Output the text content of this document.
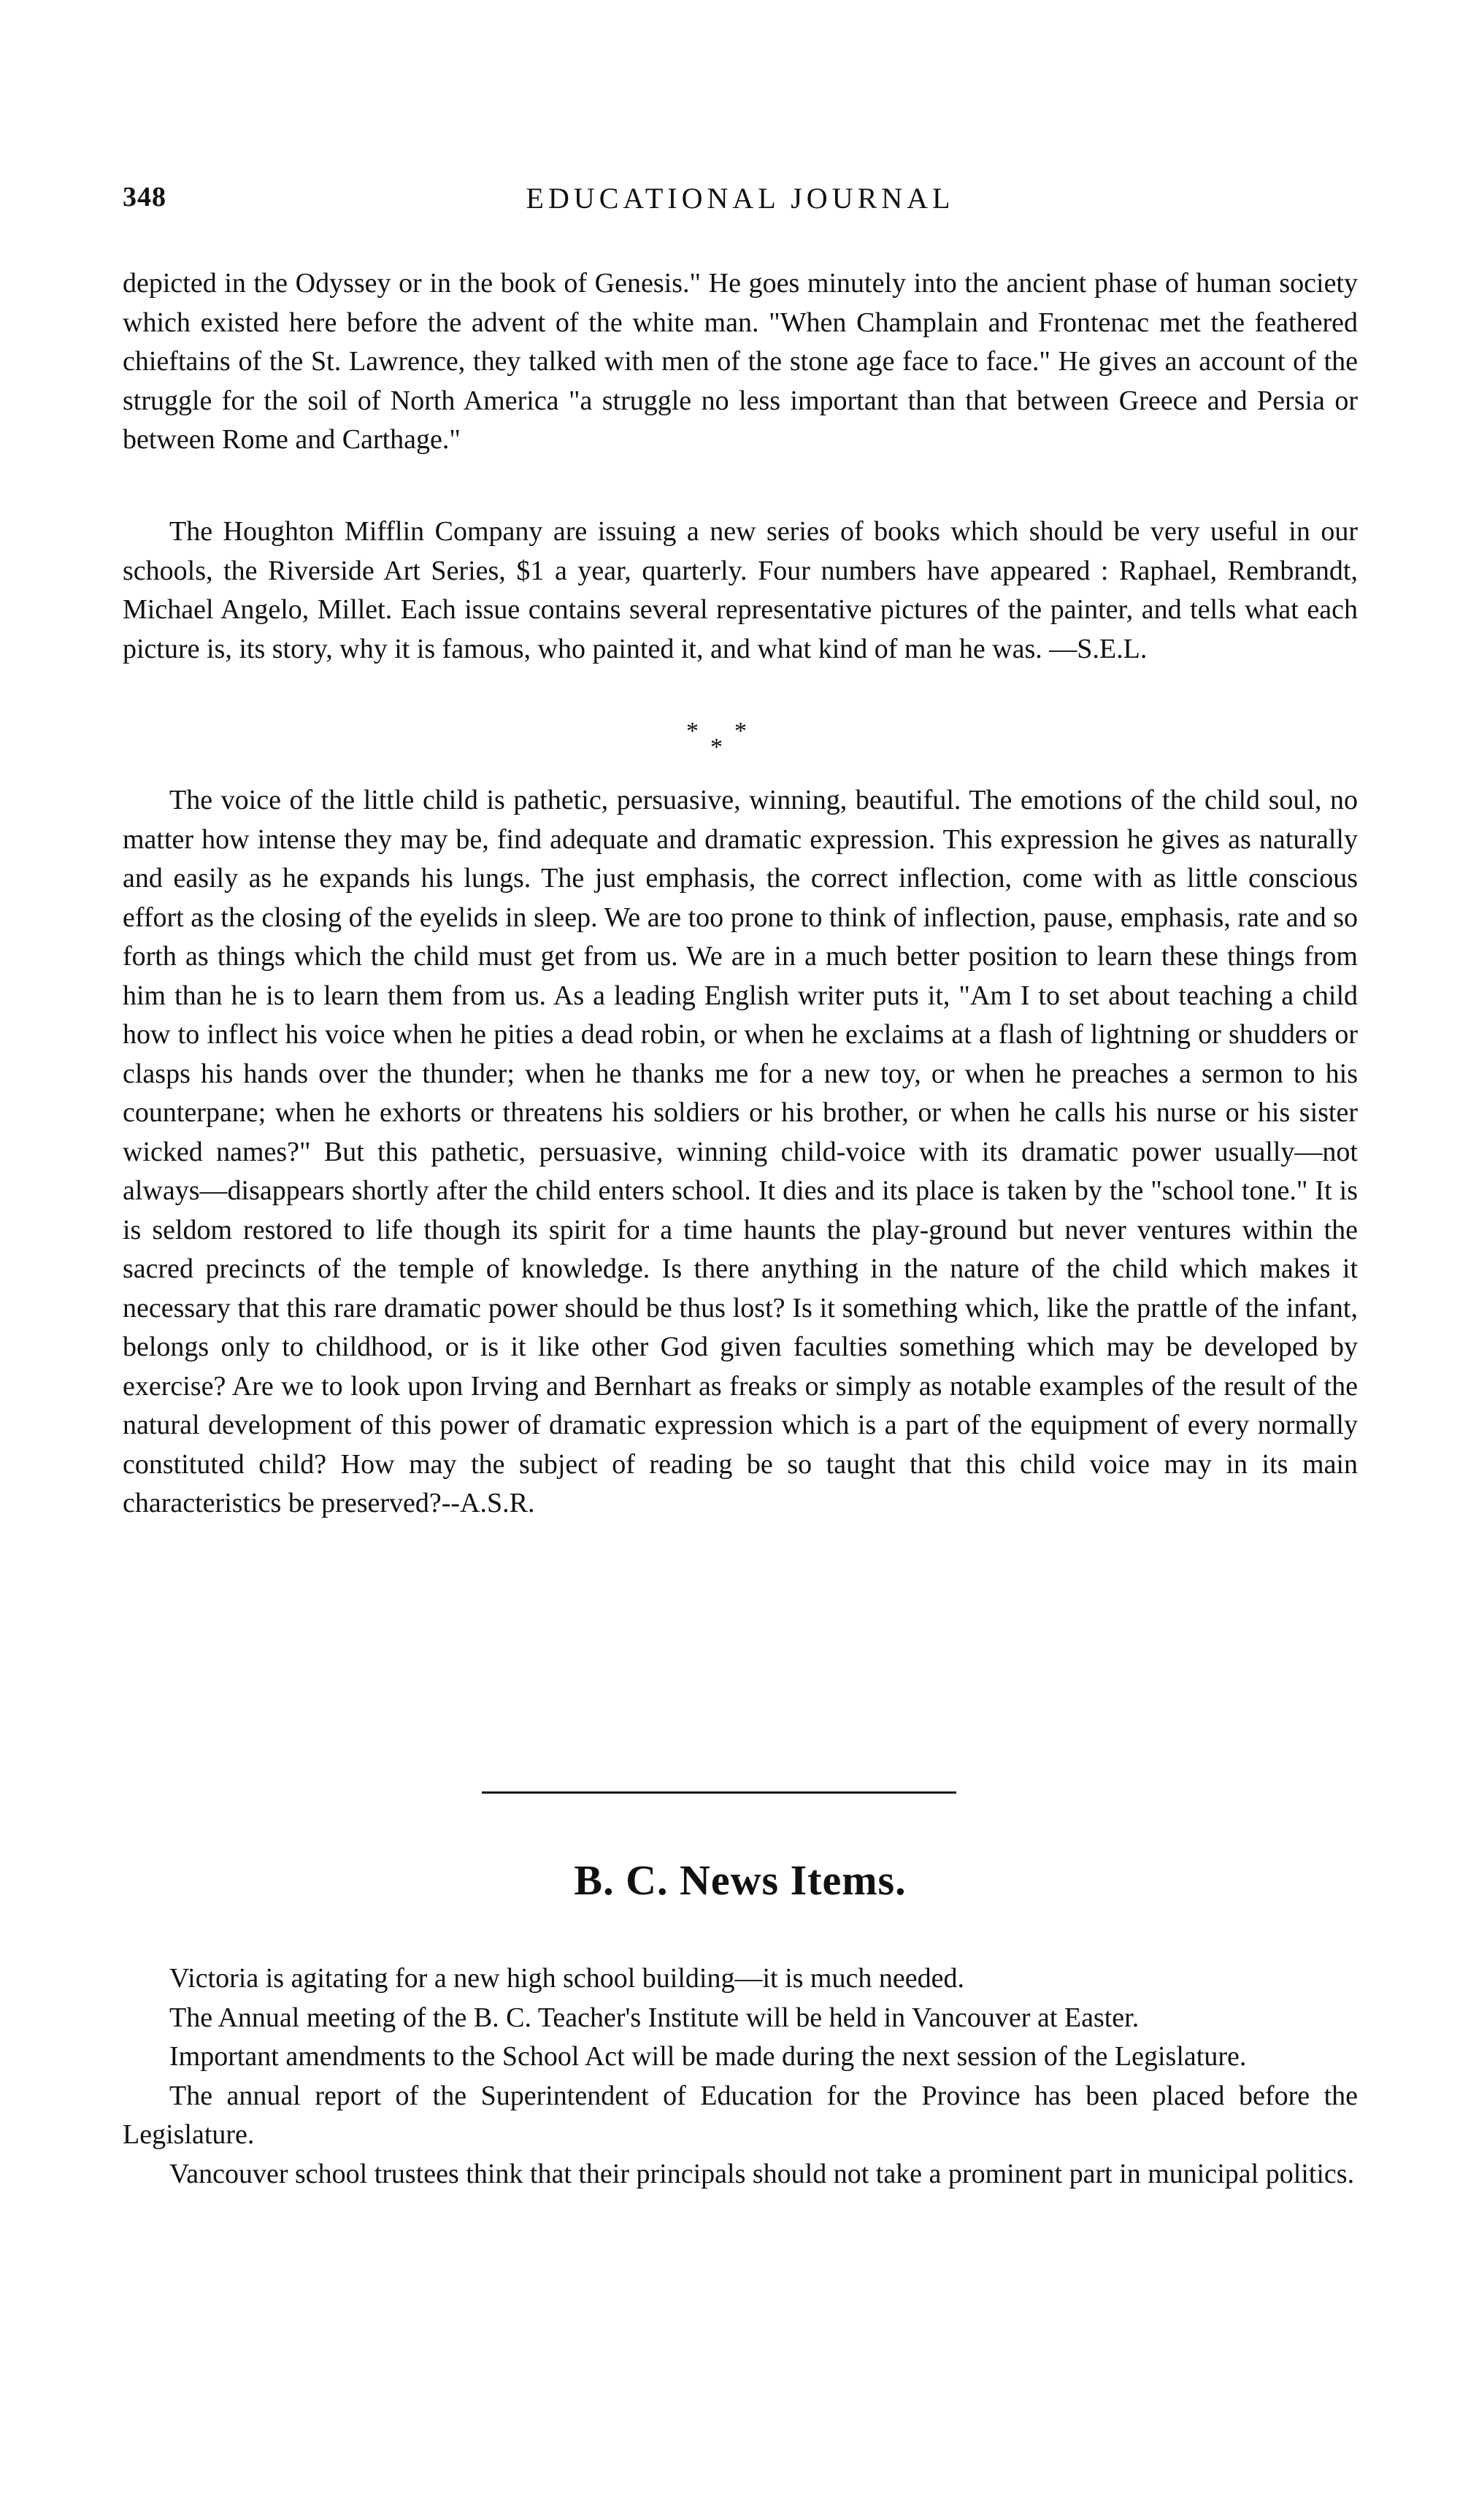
348	EDUCATIONAL JOURNAL

depicted in the Odyssey or in the book of Genesis." He goes minutely into the ancient phase of human society which existed here before the advent of the white man. "When Champlain and Frontenac met the feathered chieftains of the St. Lawrence, they talked with men of the stone age face to face." He gives an account of the struggle for the soil of North America "a struggle no less important than that between Greece and Persia or between Rome and Carthage."

The Houghton Mifflin Company are issuing a new series of books which should be very useful in our schools, the Riverside Art Series, $1 a year, quarterly. Four numbers have appeared : Raphael, Rembrandt, Michael Angelo, Millet. Each issue contains several representative pictures of the painter, and tells what each picture is, its story, why it is famous, who painted it, and what kind of man he was. —S.E.L.

* *
*

The voice of the little child is pathetic, persuasive, winning, beautiful. The emotions of the child soul, no matter how intense they may be, find adequate and dramatic expression. This expression he gives as naturally and easily as he expands his lungs. The just emphasis, the correct inflection, come with as little conscious effort as the closing of the eyelids in sleep. We are too prone to think of inflection, pause, emphasis, rate and so forth as things which the child must get from us. We are in a much better position to learn these things from him than he is to learn them from us. As a leading English writer puts it, "Am I to set about teaching a child how to inflect his voice when he pities a dead robin, or when he exclaims at a flash of lightning or shudders or clasps his hands over the thunder; when he thanks me for a new toy, or when he preaches a sermon to his counterpane; when he exhorts or threatens his soldiers or his brother, or when he calls his nurse or his sister wicked names?" But this pathetic, persuasive, winning child-voice with its dramatic power usually—not always—disappears shortly after the child enters school. It dies and its place is taken by the "school tone." It is is seldom restored to life though its spirit for a time haunts the play-ground but never ventures within the sacred precincts of the temple of knowledge. Is there anything in the nature of the child which makes it necessary that this rare dramatic power should be thus lost? Is it something which, like the prattle of the infant, belongs only to childhood, or is it like other God given faculties something which may be developed by exercise? Are we to look upon Irving and Bernhart as freaks or simply as notable examples of the result of the natural development of this power of dramatic expression which is a part of the equipment of every normally constituted child? How may the subject of reading be so taught that this child voice may in its main characteristics be preserved?--A.S.R.

B. C. News Items.

Victoria is agitating for a new high school building—it is much needed.

The Annual meeting of the B. C. Teacher's Institute will be held in Vancouver at Easter.

Important amendments to the School Act will be made during the next session of the Legislature.

The annual report of the Superintendent of Education for the Province has been placed before the Legislature.

Vancouver school trustees think that their principals should not take a prominent part in municipal politics.
